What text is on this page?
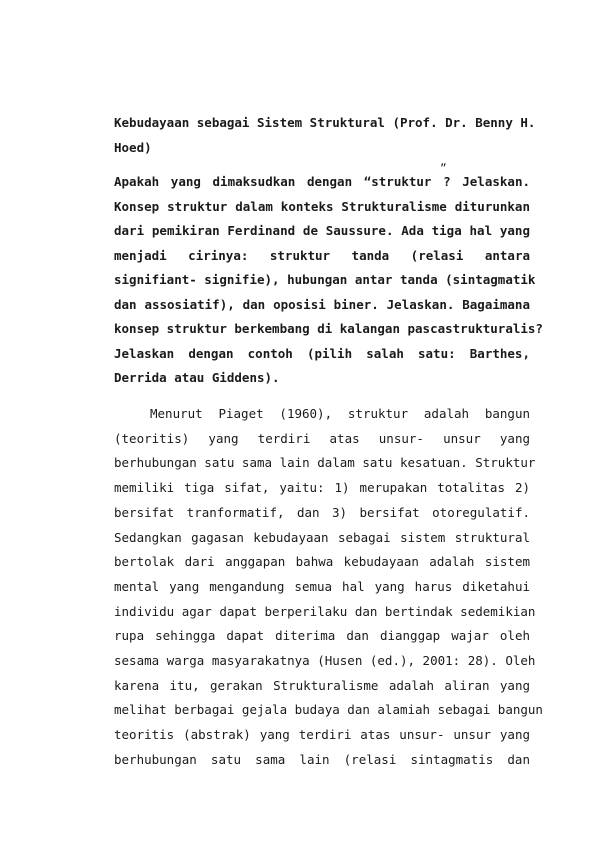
Kebudayaan sebagai Sistem Struktural (Prof. Dr. Benny H.
Hoed)
„
Apakah yang dimaksudkan dengan “struktur ? Jelaskan.
Konsep struktur dalam konteks Strukturalisme diturunkan
dari pemikiran Ferdinand de Saussure. Ada tiga hal yang
menjadi cirinya: struktur tanda (relasi antara
signifiant- signifie), hubungan antar tanda (sintagmatik
dan assosiatif), dan oposisi biner. Jelaskan. Bagaimana
konsep struktur berkembang di kalangan pascastrukturalis?
Jelaskan dengan contoh (pilih salah satu: Barthes,
Derrida atau Giddens).
Menurut Piaget (1960), struktur adalah bangun
(teoritis) yang terdiri atas unsur- unsur yang
berhubungan satu sama lain dalam satu kesatuan. Struktur
memiliki tiga sifat, yaitu: 1) merupakan totalitas 2)
bersifat tranformatif, dan 3) bersifat otoregulatif.
Sedangkan gagasan kebudayaan sebagai sistem struktural
bertolak dari anggapan bahwa kebudayaan adalah sistem
mental yang mengandung semua hal yang harus diketahui
individu agar dapat berperilaku dan bertindak sedemikian
rupa sehingga dapat diterima dan dianggap wajar oleh
sesama warga masyarakatnya (Husen (ed.), 2001: 28). Oleh
karena itu, gerakan Strukturalisme adalah aliran yang
melihat berbagai gejala budaya dan alamiah sebagai bangun
teoritis (abstrak) yang terdiri atas unsur- unsur yang
berhubungan satu sama lain (relasi sintagmatis dan
